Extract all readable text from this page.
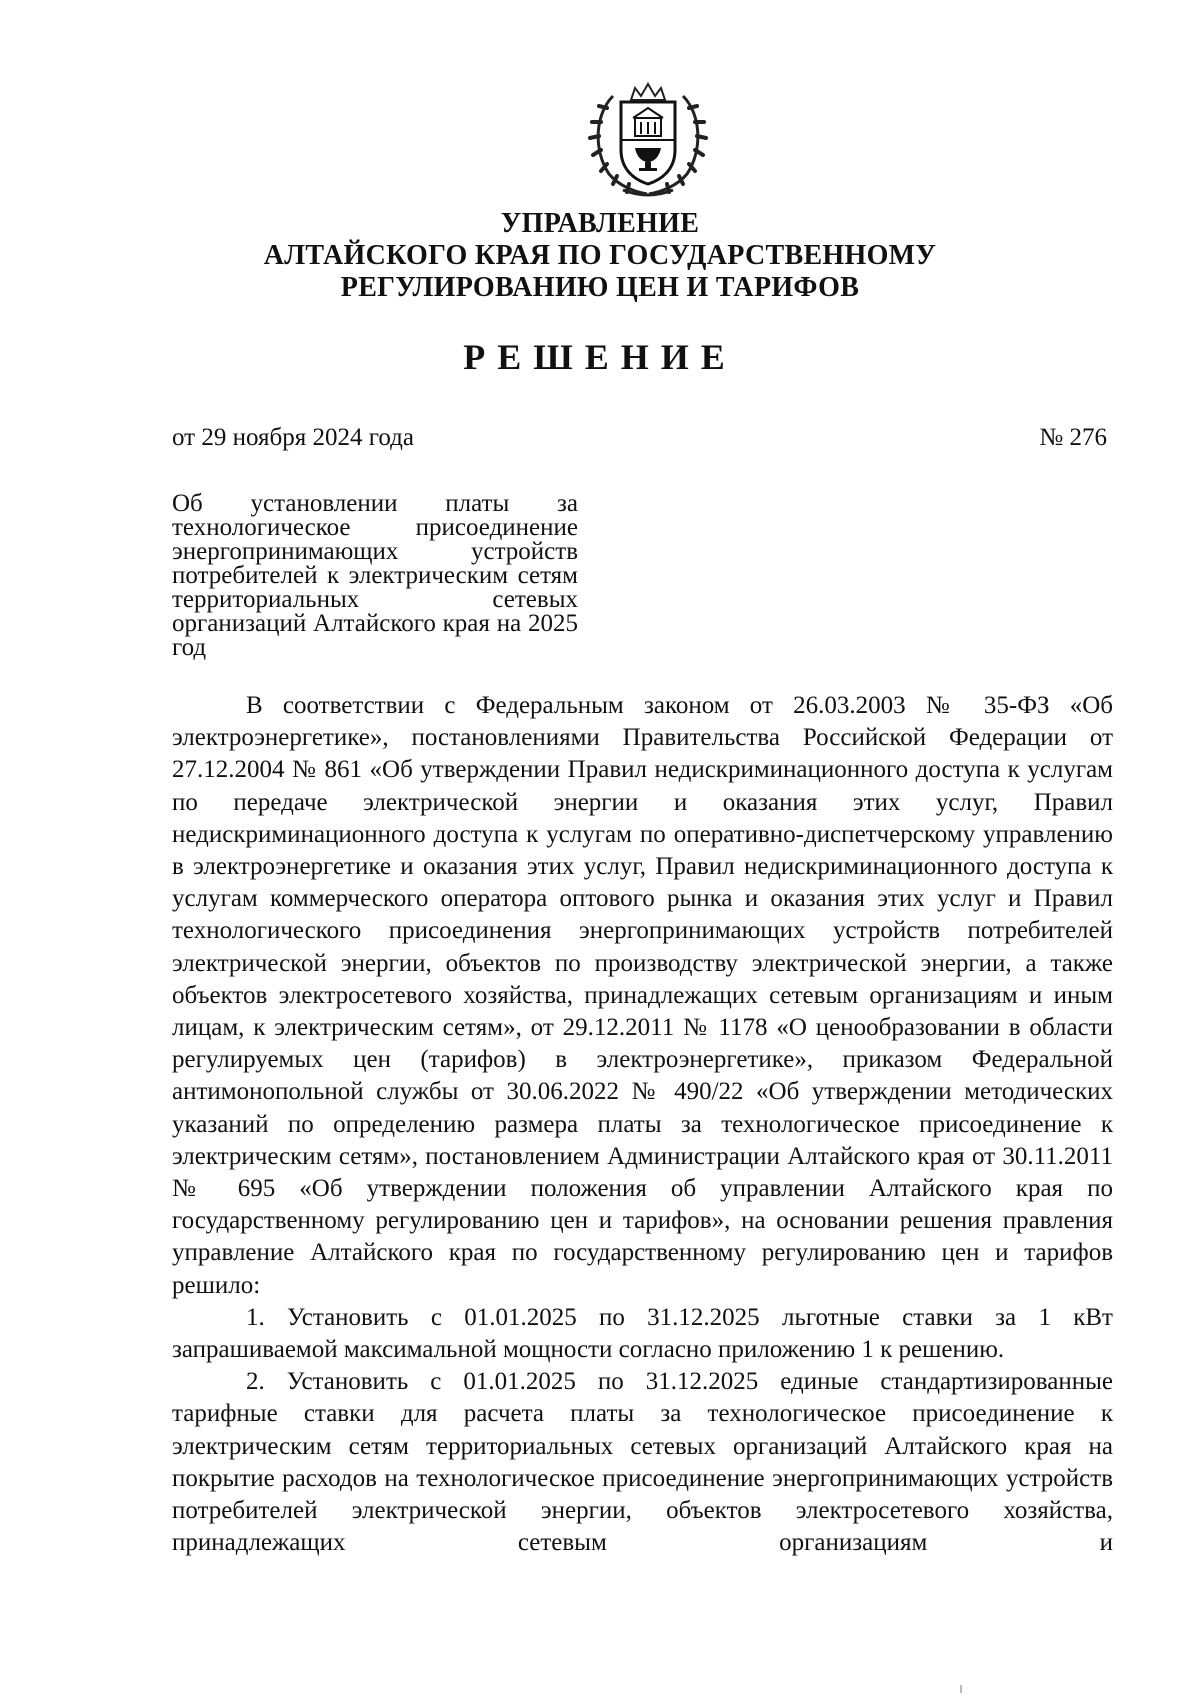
УПРАВЛЕНИЕ
АЛТАЙСКОГО КРАЯ ПО ГОСУДАРСТВЕННОМУ
РЕГУЛИРОВАНИЮ ЦЕН И ТАРИФОВ
РЕШЕНИЕ
от 29 ноября 2024 года	№ 276
Об установлении платы за технологическое присоединение энергопринимающих устройств потребителей к электрическим сетям территориальных сетевых организаций Алтайского края на 2025 год

В соответствии с Федеральным законом от 26.03.2003 № 35-ФЗ «Об электроэнергетике», постановлениями Правительства Российской Федерации от 27.12.2004 № 861 «Об утверждении Правил недискриминационного доступа к услугам по передаче электрической энергии и оказания этих услуг, Правил недискриминационного доступа к услугам по оперативно-диспетчерскому управлению в электроэнергетике и оказания этих услуг, Правил недискриминационного доступа к услугам коммерческого оператора оптового рынка и оказания этих услуг и Правил технологического присоединения энергопринимающих устройств потребителей электрической энергии, объектов по производству электрической энергии, а также объектов электросетевого хозяйства, принадлежащих сетевым организациям и иным лицам, к электрическим сетям», от 29.12.2011 № 1178 «О ценообразовании в области регулируемых цен (тарифов) в электроэнергетике», приказом Федеральной антимонопольной службы от 30.06.2022 № 490/22 «Об утверждении методических указаний по определению размера платы за технологическое присоединение к электрическим сетям», постановлением Администрации Алтайского края от 30.11.2011 № 695 «Об утверждении положения об управлении Алтайского края по государственному регулированию цен и тарифов», на основании решения правления управление Алтайского края по государственному регулированию цен и тарифов решило:

1. Установить с 01.01.2025 по 31.12.2025 льготные ставки за 1 кВт запрашиваемой максимальной мощности согласно приложению 1 к решению.

2. Установить с 01.01.2025 по 31.12.2025 единые стандартизированные тарифные ставки для расчета платы за технологическое присоединение к электрическим сетям территориальных сетевых организаций Алтайского края на покрытие расходов на технологическое присоединение энергопринимающих устройств потребителей электрической энергии, объектов электросетевого хозяйства, принадлежащих сетевым организациям и
